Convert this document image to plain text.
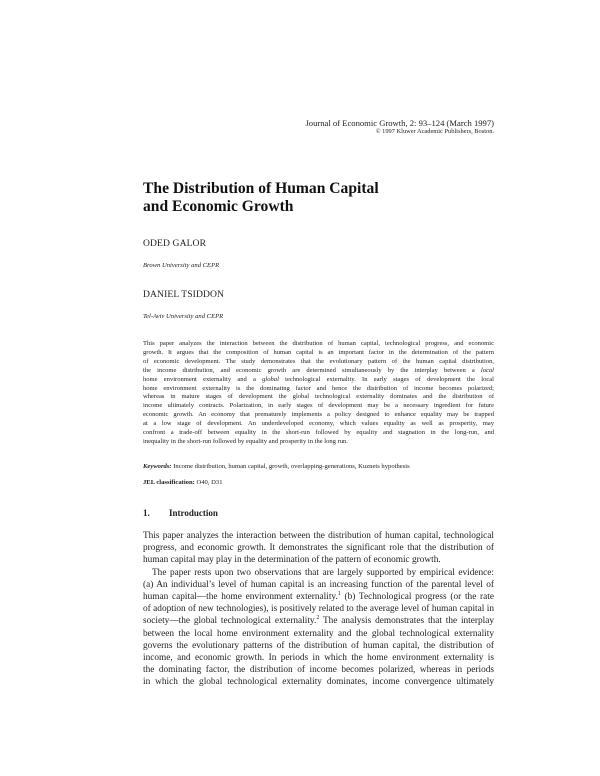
Journal of Economic Growth, 2: 93–124 (March 1997)
© 1997 Kluwer Academic Publishers, Boston.
The Distribution of Human Capital
and Economic Growth
ODED GALOR
Brown University and CEPR
DANIEL TSIDDON
Tel-Aviv University and CEPR
This paper analyzes the interaction between the distribution of human capital, technological progress, and economic
growth. It argues that the composition of human capital is an important factor in the determination of the pattern
of economic development. The study demonstrates that the evolutionary pattern of the human capital distribution,
the income distribution, and economic growth are determined simultaneously by the interplay between a local
home environment externality and a global technological externality. In early stages of development the local
home environment externality is the dominating factor and hence the distribution of income becomes polarized;
whereas in mature stages of development the global technological externality dominates and the distribution of
income ultimately contracts. Polarization, in early stages of development may be a necessary ingredient for future
economic growth. An economy that prematurely implements a policy designed to enhance equality may be trapped
at a low stage of development. An underdeveloped economy, which values equality as well as prosperity, may
confront a trade-off between equality in the short-run followed by equality and stagnation in the long-run, and
inequality in the short-run followed by equality and prosperity in the long run.
Keywords: Income distribution, human capital, growth, overlapping-generations, Kuznets hypothesis
JEL classification: O40, D31
1. Introduction
This paper analyzes the interaction between the distribution of human capital, technological
progress, and economic growth. It demonstrates the significant role that the distribution of
human capital may play in the determination of the pattern of economic growth.
The paper rests upon two observations that are largely supported by empirical evidence:
(a) An individual’s level of human capital is an increasing function of the parental level of
human capital—the home environment externality.$^1$ (b) Technological progress (or the rate
of adoption of new technologies), is positively related to the average level of human capital in
society—the global technological externality.$^2$ The analysis demonstrates that the interplay
between the local home environment externality and the global technological externality
governs the evolutionary patterns of the distribution of human capital, the distribution of
income, and economic growth. In periods in which the home environment externality is
the dominating factor, the distribution of income becomes polarized, whereas in periods
in which the global technological externality dominates, income convergence ultimately
